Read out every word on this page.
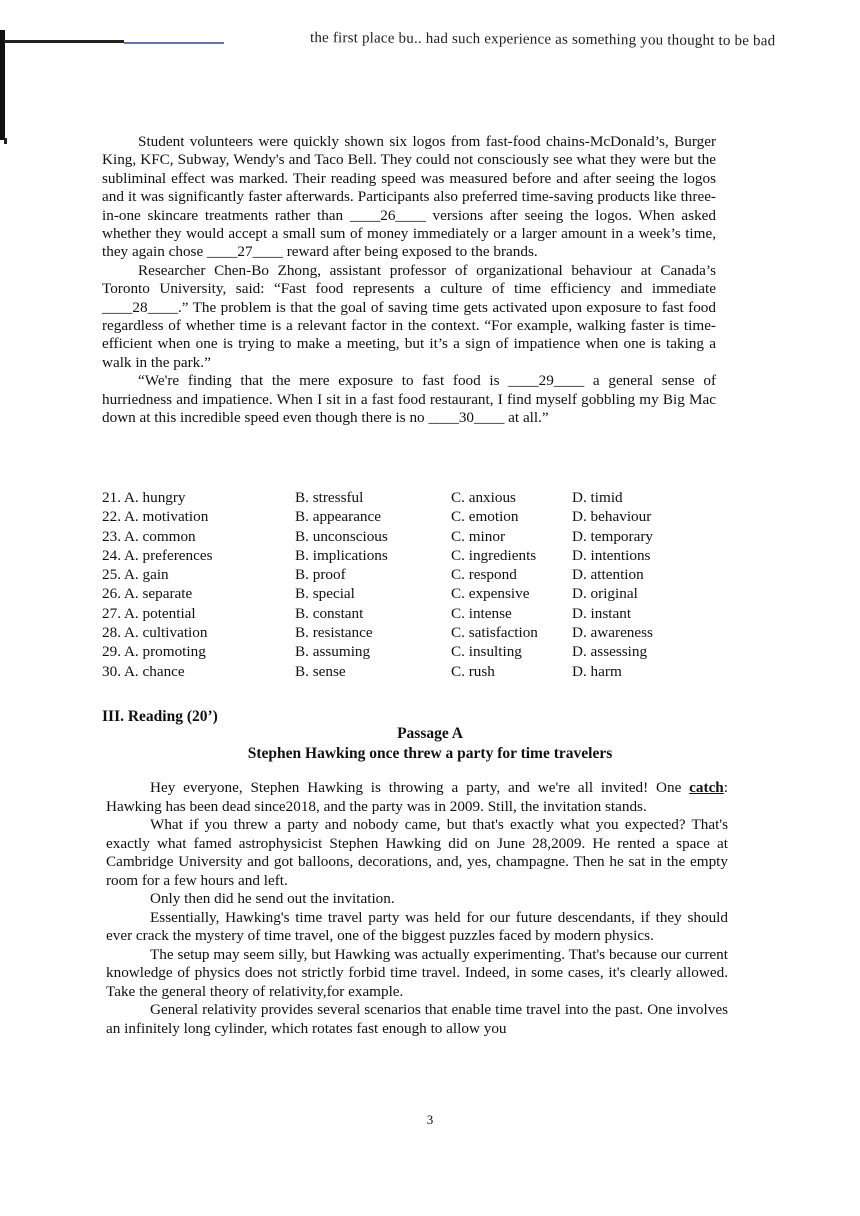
the first place bu.. had such experience as something you thought to be bad

Student volunteers were quickly shown six logos from fast-food chains-McDonald’s, Burger King, KFC, Subway, Wendy's and Taco Bell. They could not consciously see what they were but the subliminal effect was marked. Their reading speed was measured before and after seeing the logos and it was significantly faster afterwards. Participants also preferred time-saving products like three-in-one skincare treatments rather than ____26____ versions after seeing the logos. When asked whether they would accept a small sum of money immediately or a larger amount in a week’s time, they again chose ____27____ reward after being exposed to the brands.

Researcher Chen-Bo Zhong, assistant professor of organizational behaviour at Canada’s Toronto University, said: “Fast food represents a culture of time efficiency and immediate ____28____.” The problem is that the goal of saving time gets activated upon exposure to fast food regardless of whether time is a relevant factor in the context. “For example, walking faster is time-efficient when one is trying to make a meeting, but it’s a sign of impatience when one is taking a walk in the park.”

“We're finding that the mere exposure to fast food is ____29____ a general sense of hurriedness and impatience. When I sit in a fast food restaurant, I find myself gobbling my Big Mac down at this incredible speed even though there is no ____30____ at all.”

21. A. hungry	B. stressful	C. anxious	D. timid
22. A. motivation	B. appearance	C. emotion	D. behaviour
23. A. common	B. unconscious	C. minor	D. temporary
24. A. preferences	B. implications	C. ingredients	D. intentions
25. A. gain	B. proof	C. respond	D. attention
26. A. separate	B. special	C. expensive	D. original
27. A. potential	B. constant	C. intense	D. instant
28. A. cultivation	B. resistance	C. satisfaction	D. awareness
29. A. promoting	B. assuming	C. insulting	D. assessing
30. A. chance	B. sense	C. rush	D. harm
III. Reading (20’)
Passage A
Stephen Hawking once threw a party for time travelers

Hey everyone, Stephen Hawking is throwing a party, and we're all invited! One catch: Hawking has been dead since2018, and the party was in 2009. Still, the invitation stands.

What if you threw a party and nobody came, but that's exactly what you expected? That's exactly what famed astrophysicist Stephen Hawking did on June 28,2009. He rented a space at Cambridge University and got balloons, decorations, and, yes, champagne. Then he sat in the empty room for a few hours and left.

Only then did he send out the invitation.

Essentially, Hawking's time travel party was held for our future descendants, if they should ever crack the mystery of time travel, one of the biggest puzzles faced by modern physics.

The setup may seem silly, but Hawking was actually experimenting. That's because our current knowledge of physics does not strictly forbid time travel. Indeed, in some cases, it's clearly allowed. Take the general theory of relativity,for example.

General relativity provides several scenarios that enable time travel into the past. One involves an infinitely long cylinder, which rotates fast enough to allow you

3
